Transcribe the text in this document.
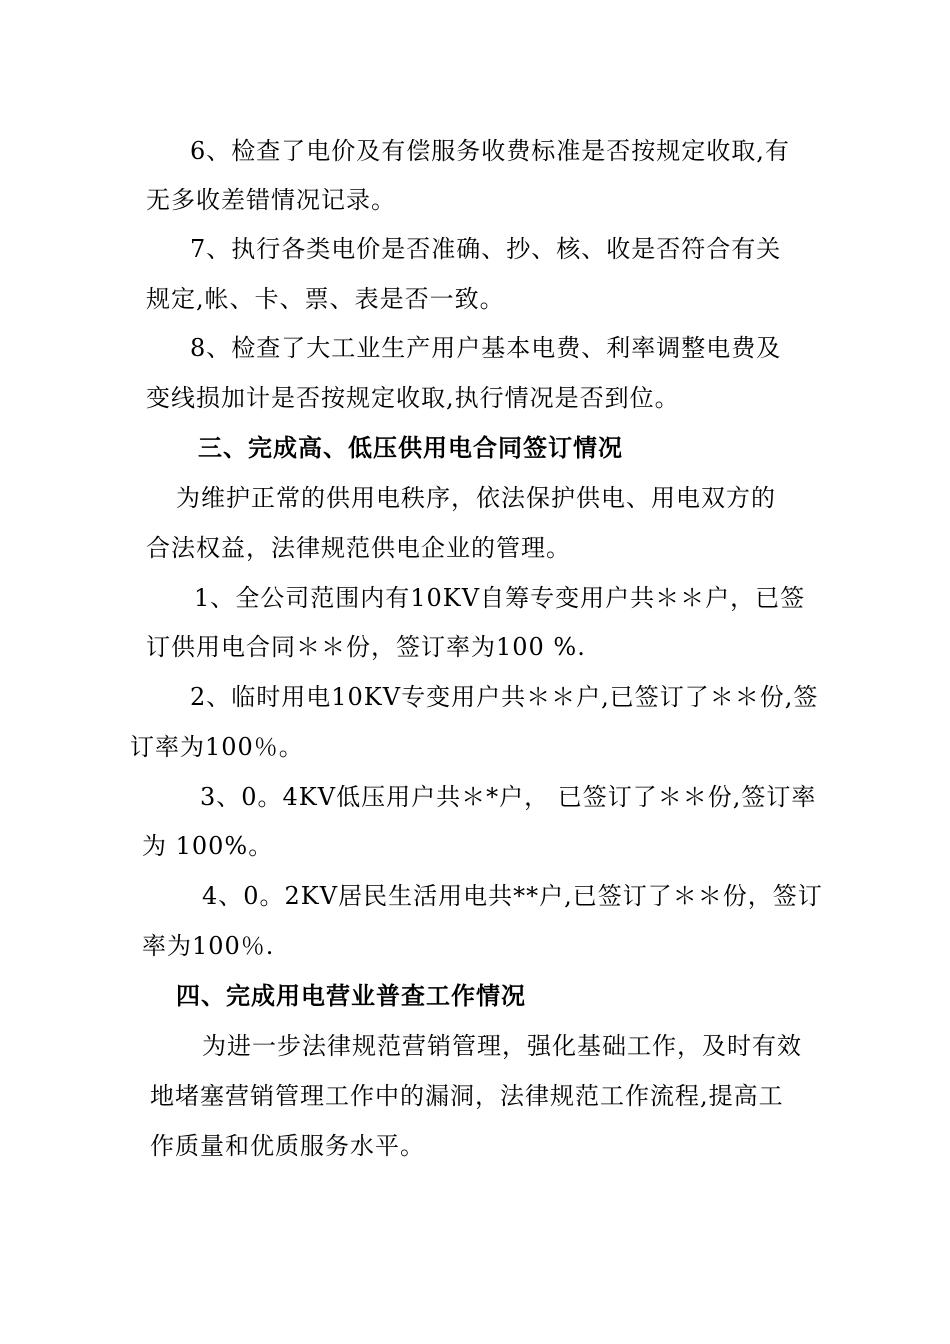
6、检查了电价及有偿服务收费标准是否按规定收取,有
无多收差错情况记录。
7、执行各类电价是否准确、抄、核、收是否符合有关
规定,帐、卡、票、表是否一致。
8、检查了大工业生产用户基本电费、利率调整电费及
变线损加计是否按规定收取,执行情况是否到位。
三、完成高、低压供用电合同签订情况
为维护正常的供用电秩序，依法保护供电、用电双方的
合法权益，法律规范供电企业的管理。
1、全公司范围内有10KV自筹专变用户共＊＊户，已签
订供用电合同＊＊份，签订率为100 %.
2、临时用电10KV专变用户共＊＊户,已签订了＊＊份,签
订率为100％。
3、0。4KV低压用户共＊*户， 已签订了＊＊份,签订率
为 100%。
4、0。2KV居民生活用电共**户,已签订了＊＊份，签订
率为100％.
四、完成用电营业普查工作情况
为进一步法律规范营销管理，强化基础工作，及时有效
地堵塞营销管理工作中的漏洞，法律规范工作流程,提高工
作质量和优质服务水平。
